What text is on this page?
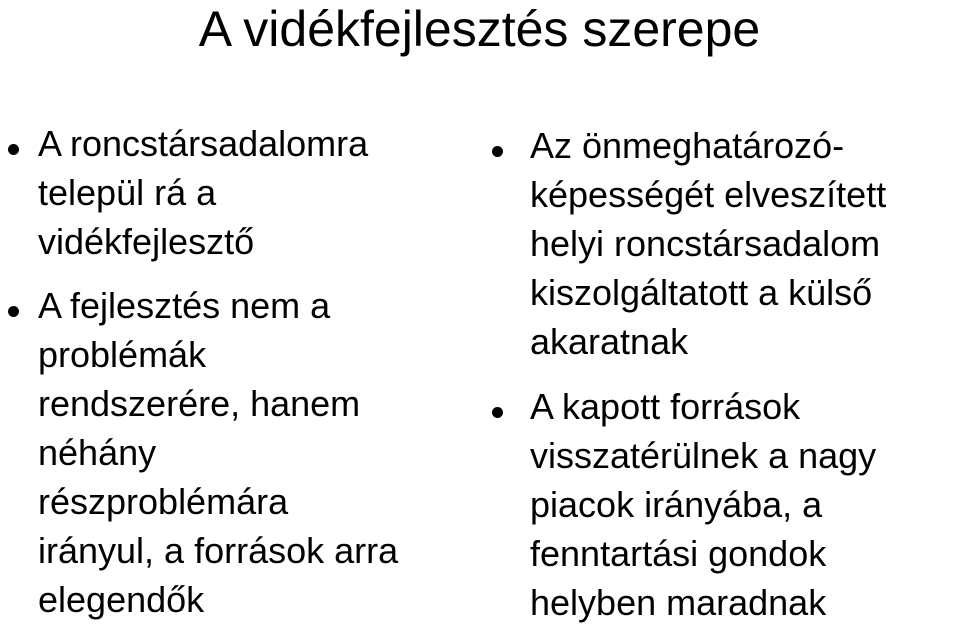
A vidékfejlesztés szerepe
A roncstársadalomra
települ rá a
vidékfejlesztő
A fejlesztés nem a
problémák
rendszerére, hanem
néhány
részproblémára
irányul, a források arra
elegendők
Az önmeghatározó-
képességét elveszített
helyi roncstársadalom
kiszolgáltatott a külső
akaratnak
A kapott források
visszatérülnek a nagy
piacok irányába, a
fenntartási gondok
helyben maradnak
